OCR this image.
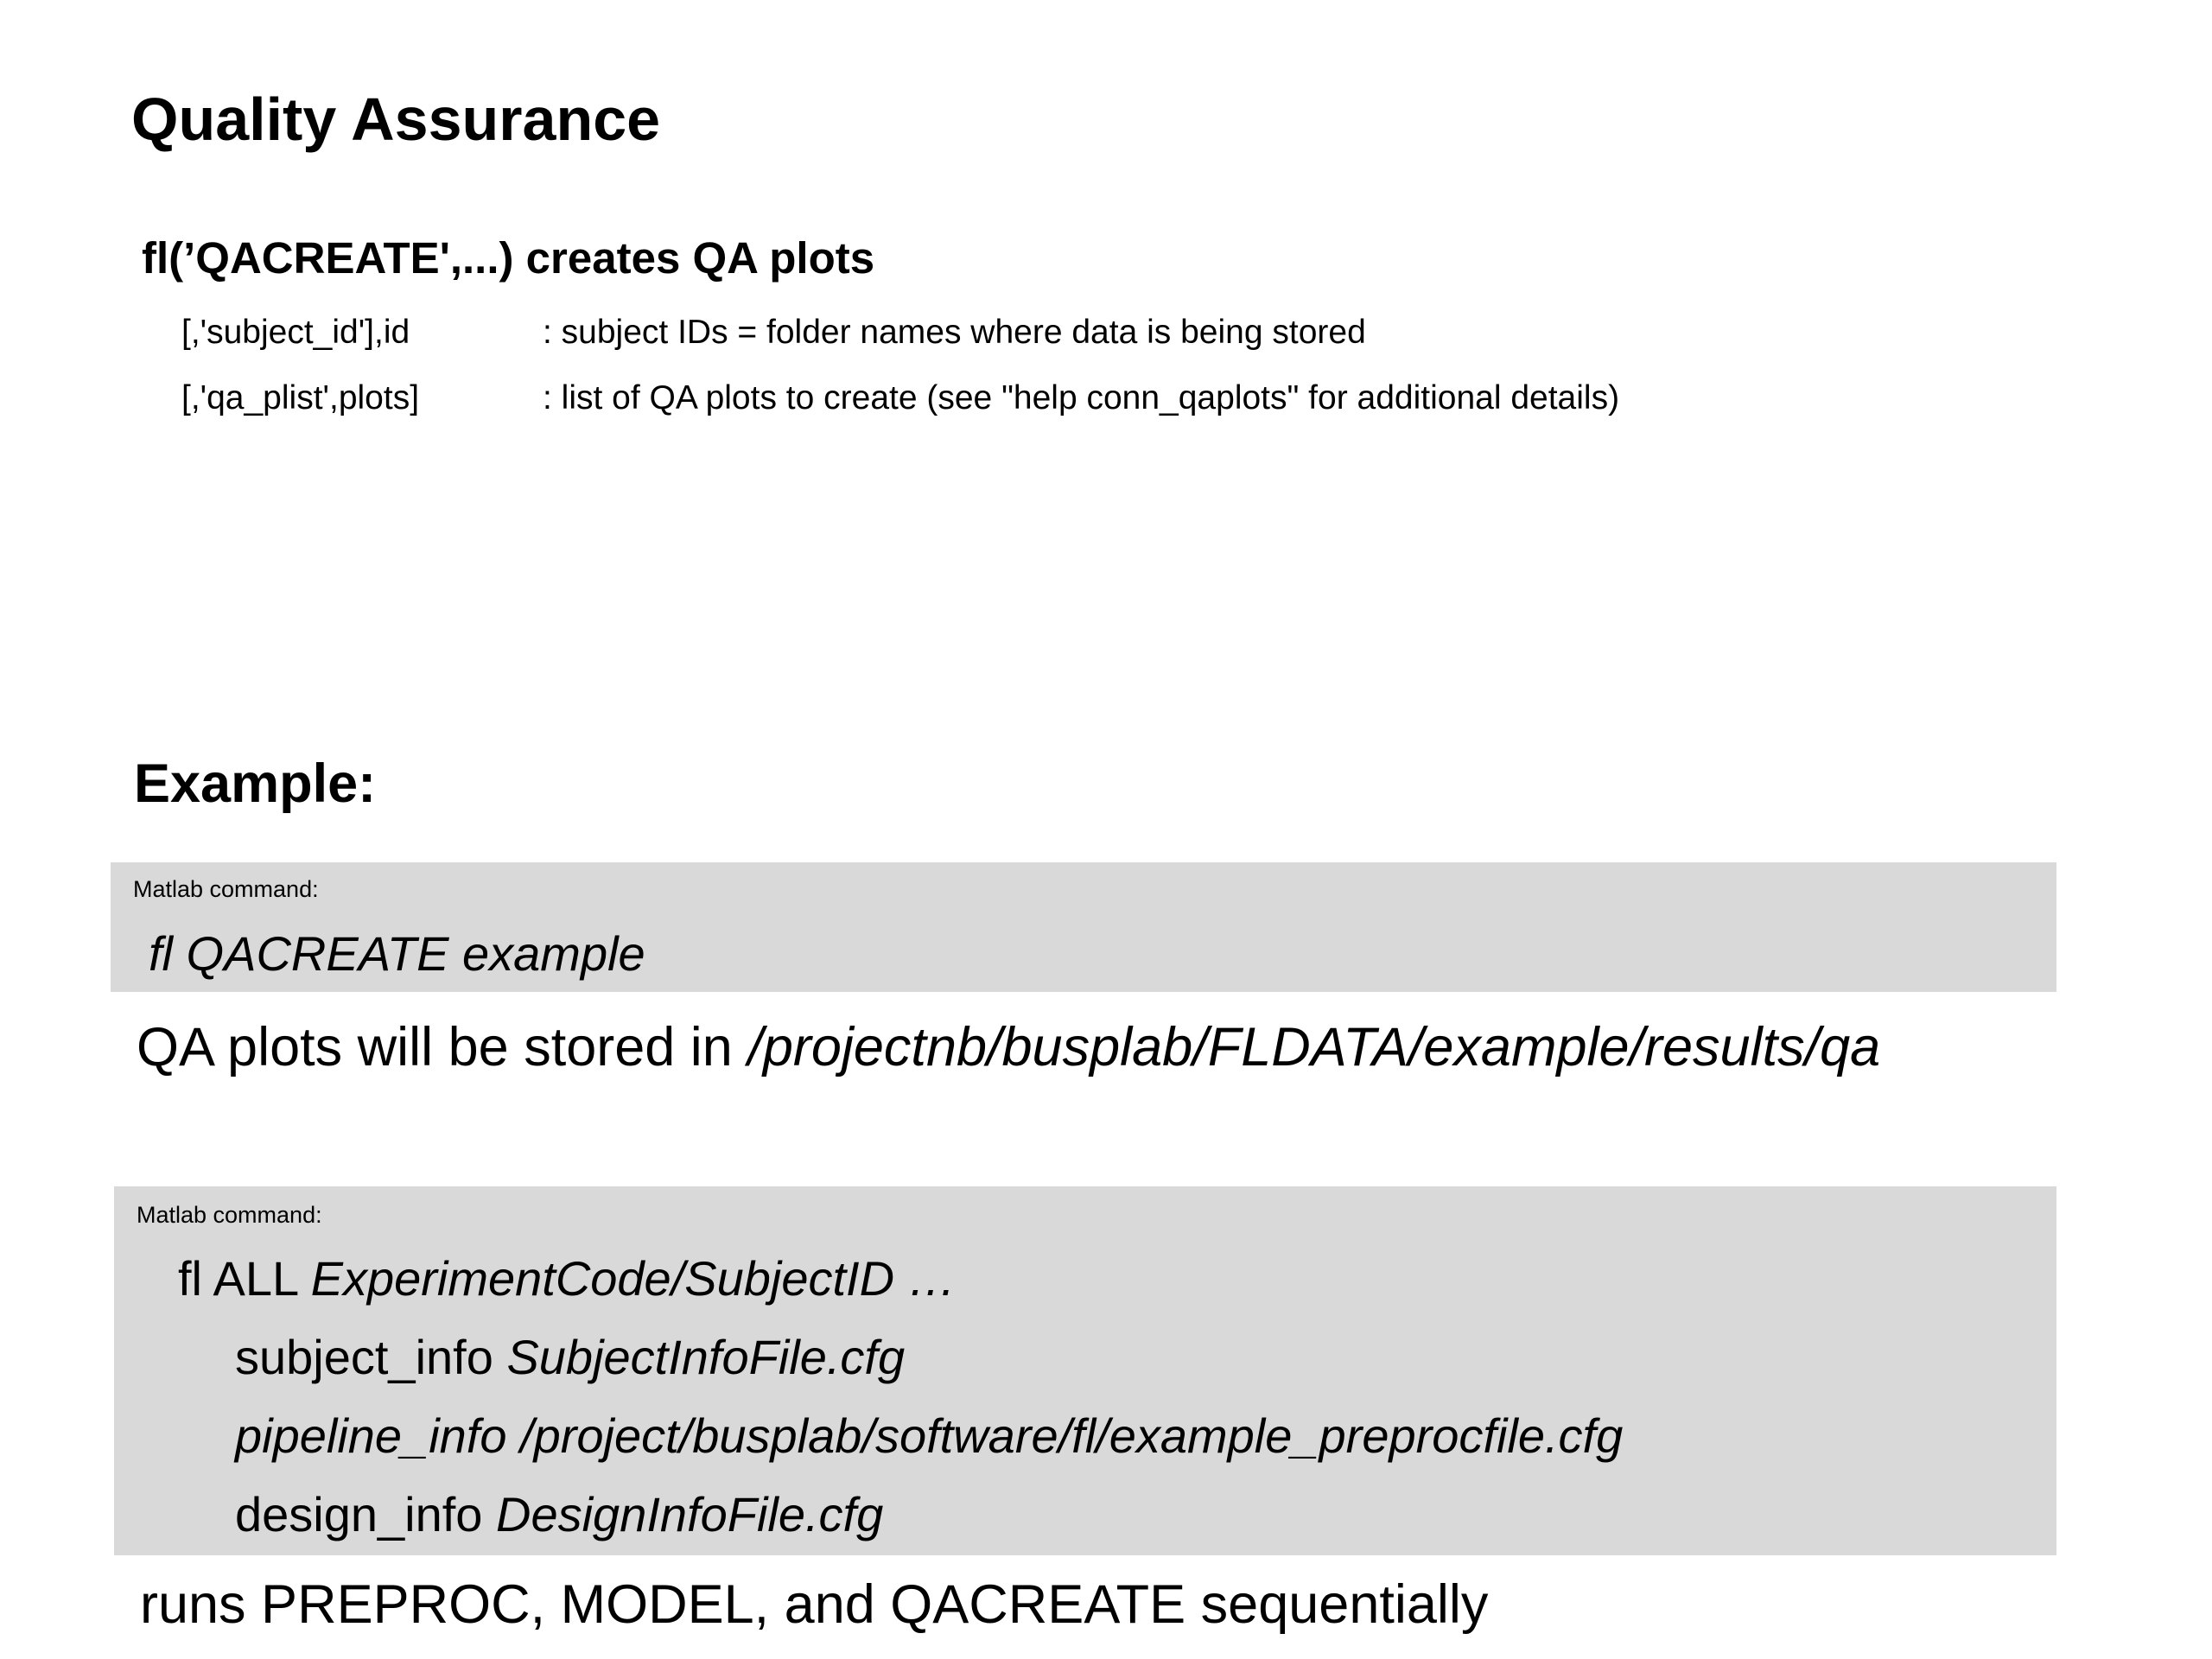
Quality Assurance
fl(’QACREATE',...) creates QA plots
[,'subject_id'],id	: subject IDs = folder names where data is being stored
[,'qa_plist',plots]	: list of QA plots to create (see "help conn_qaplots" for additional details)
Example:
Matlab command:
fl QACREATE example
QA plots will be stored in /projectnb/busplab/FLDATA/example/results/qa
Matlab command:
fl ALL ExperimentCode/SubjectID …
subject_info SubjectInfoFile.cfg
pipeline_info /project/busplab/software/fl/example_preprocfile.cfg
design_info DesignInfoFile.cfg
runs PREPROC, MODEL, and QACREATE sequentially
